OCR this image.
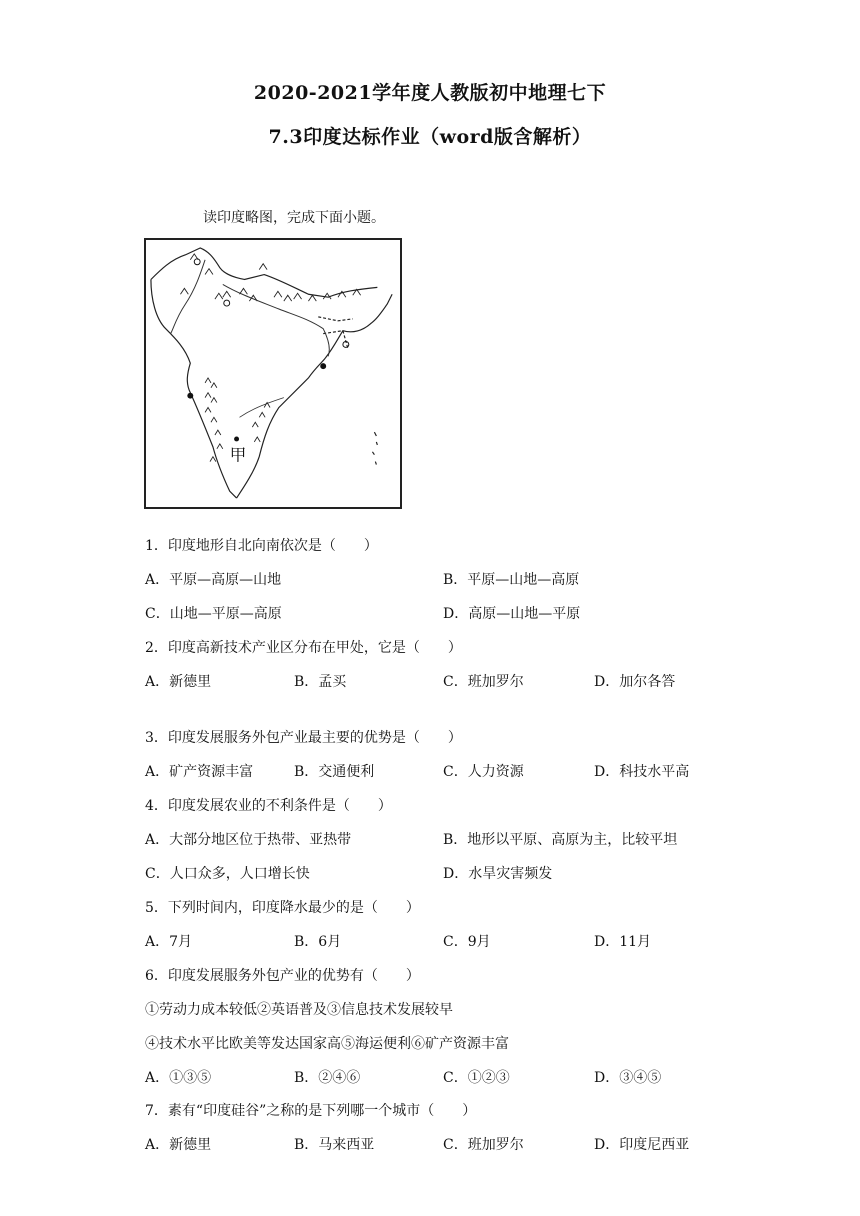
2020-2021学年度人教版初中地理七下
7.3印度达标作业（word版含解析）
读印度略图，完成下面小题。
甲
1．印度地形自北向南依次是（　　）
A．平原—高原—山地	B．平原—山地—高原
C．山地—平原—高原	D．高原—山地—平原
2．印度高新技术产业区分布在甲处，它是（　　）
A．新德里	B．孟买	C．班加罗尔	D．加尔各答
3．印度发展服务外包产业最主要的优势是（　　）
A．矿产资源丰富	B．交通便利	C．人力资源	D．科技水平高
4．印度发展农业的不利条件是（　　）
A．大部分地区位于热带、亚热带	B．地形以平原、高原为主，比较平坦
C．人口众多，人口增长快	D．水旱灾害频发
5．下列时间内，印度降水最少的是（　　）
A．7月	B．6月	C．9月	D．11月
6．印度发展服务外包产业的优势有（　　）
①劳动力成本较低②英语普及③信息技术发展较早
④技术水平比欧美等发达国家高⑤海运便利⑥矿产资源丰富
A．①③⑤	B．②④⑥	C．①②③	D．③④⑤
7．素有“印度硅谷”之称的是下列哪一个城市（　　）
A．新德里	B．马来西亚	C．班加罗尔	D．印度尼西亚
